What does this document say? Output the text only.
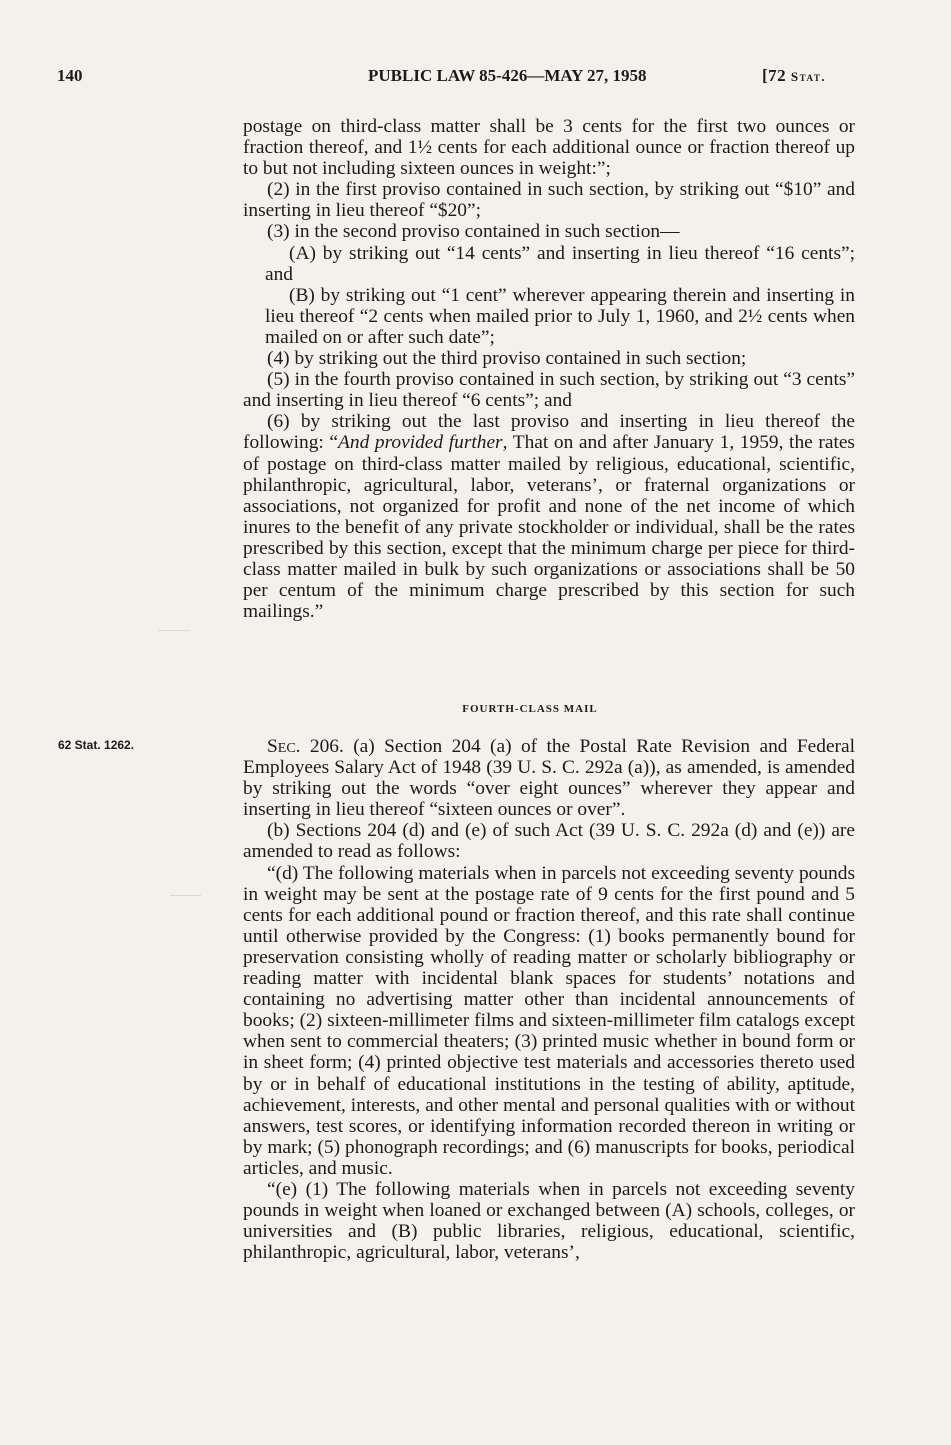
140	PUBLIC LAW 85-426—MAY 27, 1958	[72 Stat.
────
────

postage on third-class matter shall be 3 cents for the first two ounces or fraction thereof, and 1½ cents for each additional ounce or fraction thereof up to but not including sixteen ounces in weight:”;

(2) in the first proviso contained in such section, by striking out “$10” and inserting in lieu thereof “$20”;

(3) in the second proviso contained in such section—

(A) by striking out “14 cents” and inserting in lieu thereof “16 cents”; and

(B) by striking out “1 cent” wherever appearing therein and inserting in lieu thereof “2 cents when mailed prior to July 1, 1960, and 2½ cents when mailed on or after such date”;

(4) by striking out the third proviso contained in such section;

(5) in the fourth proviso contained in such section, by striking out “3 cents” and inserting in lieu thereof “6 cents”; and

(6) by striking out the last proviso and inserting in lieu thereof the following: “And provided further, That on and after January 1, 1959, the rates of postage on third-class matter mailed by religious, educational, scientific, philanthropic, agricultural, labor, veterans’, or fraternal organizations or associations, not organized for profit and none of the net income of which inures to the benefit of any private stockholder or individual, shall be the rates prescribed by this section, except that the minimum charge per piece for third-class matter mailed in bulk by such organizations or associations shall be 50 per centum of the minimum charge prescribed by this section for such mailings.”

FOURTH-CLASS MAIL
62 Stat. 1262.	Sec. 206. (a) Section 204 (a) of the Postal Rate Revision and Federal Employees Salary Act of 1948 (39 U. S. C. 292a (a)), as amended, is amended by striking out the words “over eight ounces” wherever they appear and inserting in lieu thereof “sixteen ounces or over”.

(b) Sections 204 (d) and (e) of such Act (39 U. S. C. 292a (d) and (e)) are amended to read as follows:

“(d) The following materials when in parcels not exceeding seventy pounds in weight may be sent at the postage rate of 9 cents for the first pound and 5 cents for each additional pound or fraction thereof, and this rate shall continue until otherwise provided by the Congress: (1) books permanently bound for preservation consisting wholly of reading matter or scholarly bibliography or reading matter with incidental blank spaces for students’ notations and containing no advertising matter other than incidental announcements of books; (2) sixteen-millimeter films and sixteen-millimeter film catalogs except when sent to commercial theaters; (3) printed music whether in bound form or in sheet form; (4) printed objective test materials and accessories thereto used by or in behalf of educational institutions in the testing of ability, aptitude, achievement, interests, and other mental and personal qualities with or without answers, test scores, or identifying information recorded thereon in writing or by mark; (5) phonograph recordings; and (6) manuscripts for books, periodical articles, and music.

“(e) (1) The following materials when in parcels not exceeding seventy pounds in weight when loaned or exchanged between (A) schools, colleges, or universities and (B) public libraries, religious, educational, scientific, philanthropic, agricultural, labor, veterans’,
